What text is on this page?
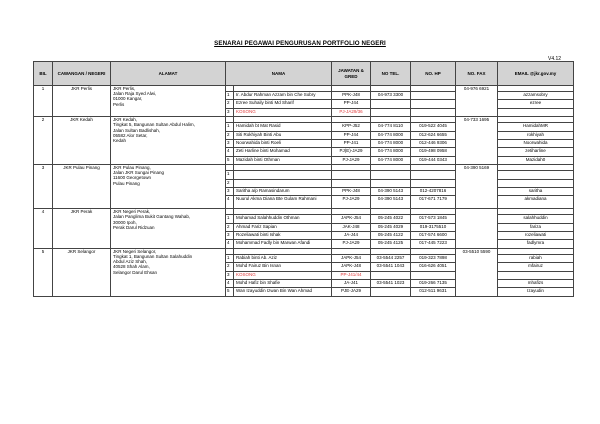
SENARAI PEGAWAI PENGURUSAN PORTFOLIO NEGERI
V4.12
BIL	CAWANGAN / NEGERI	ALAMAT	NAMA		JAWATAN & GRED	NO TEL.	NO. HP	NO. FAX	EMAIL @jkr.gov.my
1	JKR Perlis	JKR Perlis,
Jalan Raja Syed Alwi,
01000 Kangar,
Perlis						04-976 6921	
			1	Ir. Abdur Rahman Azzam bin Che Sobry	PPK-J48	04-973 3300			azzamsobry
			2	Ezree Suhaily binti Md Sharif	PP-J44				ezree
			3	KOSONG	PJ-JA29/36				
2	JKR Kedah	JKR Kedah,
Tingkat 5, Bangunan Sultan Abdul Halim,
Jalan Sultan Badlishah,
05582 Alor Setar,
Kedah						04-733 1695	
			1	Hamidah bt Mat Rasid	KPP-J52	04-774 8110	019-522 4045		HamidahMR
			2	Siti Rokhiyah Binti Abu	PP-J44	04-774 8000	012-624 6655		rokhiyah
			3	Noorwahida binti Roeli	PP-J41	04-774 8000	012-446 9306		Noorwahida
			4	Zeti Harline binti Mohamad	PJ(E)-JA29	04-774 8000	019-498 0958		zetiharline
			5	Mazidah binti Othman	PJ-JA29	04-774 8000	019-444 0343		Mazidah0
3	JKR Pulau Pinang	JKR Pulau Pinang,
Jalan JKR Sungai Pinang
11600 Georgetown
Pulau Pinang						04-390 5169	
			1						
			2						
			3	Saritha a/p Ramasindarum	PPK-J48	04-390 5143	012-4207816		saritha
			4	Nuurul Akma Diana Bte Gulam Rahmani	PJ-JA29	04-390 5143	017-671 7179		akmadiana
4	JKR Perak	JKR Negeri Perak,
Jalan Panglima Bukit Gantang Wahab,
30000 Ipoh,
Perak Darul Ridzuan							
			1	Mohamad Salahhuddin Othman	JAPK-J54	05-245 4022	017-573 1845		salahhuddin
			2	Ahmad Fariz Sapian	JAK-J48	05-245 4029	019-3175510		fariza
			3	Rozeliawati binti Ishak	JA-J44	05-245 4122	017-574 6600		rozeliawati
			4	Mohammad Fadly bin Marwan Afandi	PJ-JA29	05-245 4125	017-445 7223		fadlymra
5	JKR Selangor	JKR Negeri Selangor,
Tingkat 1, Bangunan Sultan Salahuddin
Abdul Aziz Shah,
40528 Shah Alam,
Selangor Darul Ehsan						03-5510 5590	
			1	Rabiah binti Ab. Aziz	JAPK-J54	03-5544 2257	019-323 7898		rabiah
			2	Mohd Fairuz Bin Isnan	JAPK-J48	03-5541 1043	016-626 4051		mfairuz
			3	KOSONG	PP-J41/44				
			4	Mohd Hafiz bin Shafie	JA-J41	03-5541 1023	019-266 7135		mhafizs
			5	Wan Izayuddin Izwan Bin Wan Ahmad	PJE-JA29		012-511 9631		Izayudin
